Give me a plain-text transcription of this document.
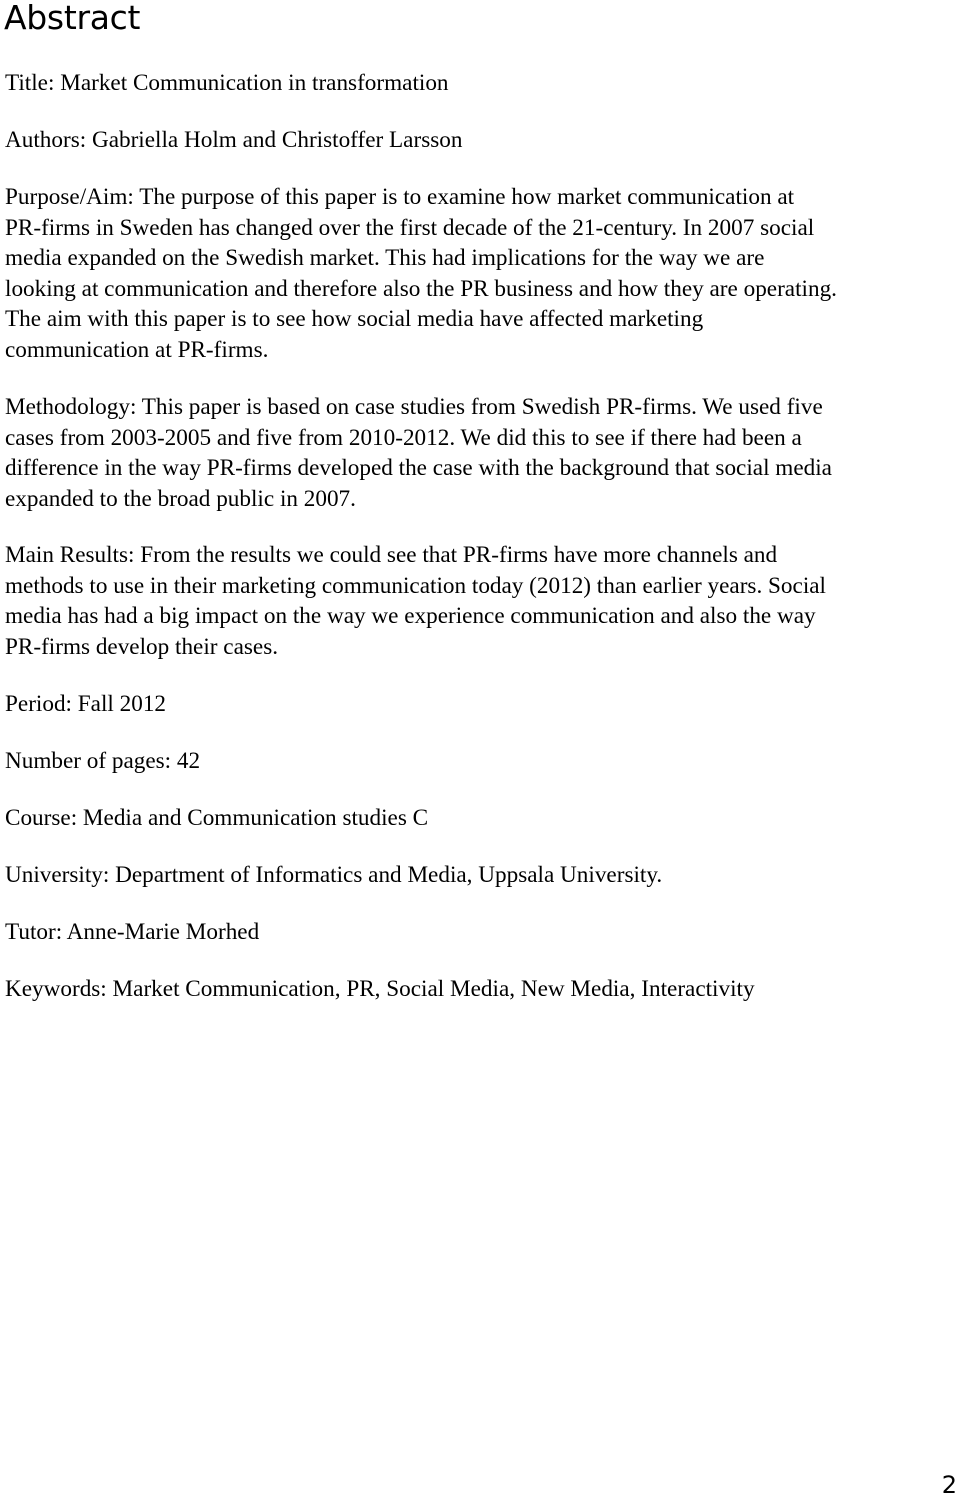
Abstract

Title: Market Communication in transformation

Authors: Gabriella Holm and Christoffer Larsson

Purpose/Aim: The purpose of this paper is to examine how market communication at
PR-firms in Sweden has changed over the first decade of the 21-century. In 2007 social
media expanded on the Swedish market. This had implications for the way we are
looking at communication and therefore also the PR business and how they are operating.
The aim with this paper is to see how social media have affected marketing
communication at PR-firms.

Methodology: This paper is based on case studies from Swedish PR-firms. We used five
cases from 2003-2005 and five from 2010-2012. We did this to see if there had been a
difference in the way PR-firms developed the case with the background that social media
expanded to the broad public in 2007.

Main Results: From the results we could see that PR-firms have more channels and
methods to use in their marketing communication today (2012) than earlier years. Social
media has had a big impact on the way we experience communication and also the way
PR-firms develop their cases.

Period: Fall 2012

Number of pages: 42

Course: Media and Communication studies C

University: Department of Informatics and Media, Uppsala University.

Tutor: Anne-Marie Morhed

Keywords: Market Communication, PR, Social Media, New Media, Interactivity

2
